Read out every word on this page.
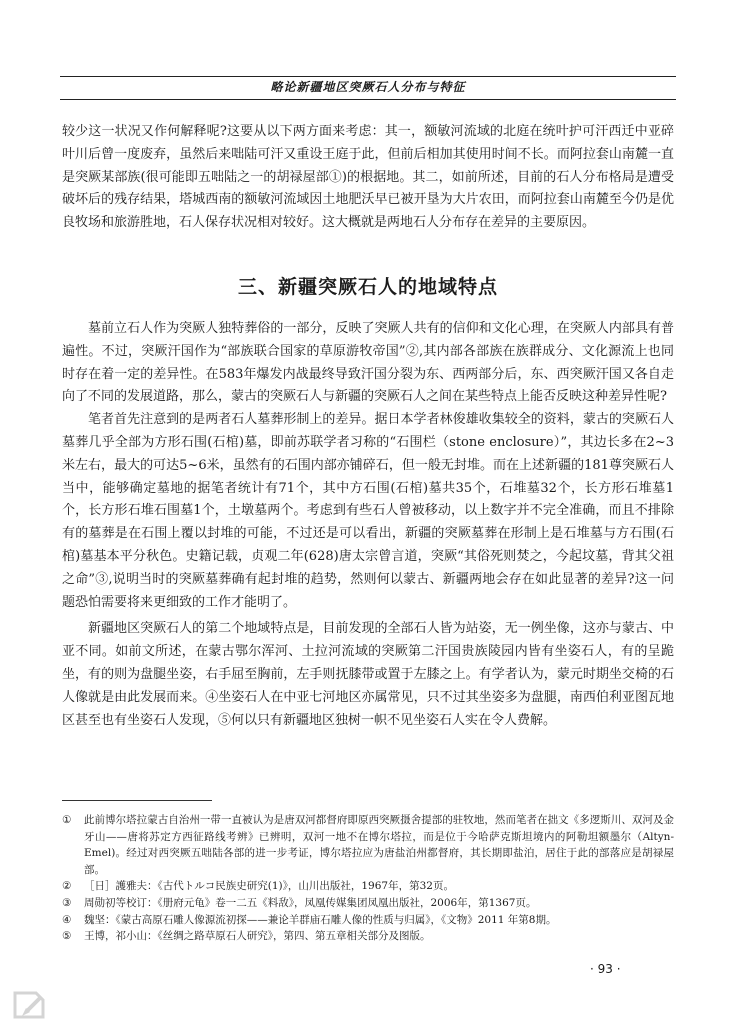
略论新疆地区突厥石人分布与特征

较少这一状况又作何解释呢?这要从以下两方面来考虑：其一，额敏河流域的北庭在统叶护可汗西迁中亚碎叶川后曾一度废弃，虽然后来咄陆可汗又重设王庭于此，但前后相加其使用时间不长。而阿拉套山南麓一直是突厥某部族(很可能即五咄陆之一的胡禄屋部①)的根据地。其二，如前所述，目前的石人分布格局是遭受破坏后的残存结果，塔城西南的额敏河流域因土地肥沃早已被开垦为大片农田，而阿拉套山南麓至今仍是优良牧场和旅游胜地，石人保存状况相对较好。这大概就是两地石人分布存在差异的主要原因。

三、新疆突厥石人的地域特点

墓前立石人作为突厥人独特葬俗的一部分，反映了突厥人共有的信仰和文化心理，在突厥人内部具有普遍性。不过，突厥汗国作为“部族联合国家的草原游牧帝国”②,其内部各部族在族群成分、文化源流上也同时存在着一定的差异性。在583年爆发内战最终导致汗国分裂为东、西两部分后，东、西突厥汗国又各自走向了不同的发展道路，那么，蒙古的突厥石人与新疆的突厥石人之间在某些特点上能否反映这种差异性呢?

笔者首先注意到的是两者石人墓葬形制上的差异。据日本学者林俊雄收集较全的资料，蒙古的突厥石人墓葬几乎全部为方形石围(石棺)墓，即前苏联学者习称的“石围栏（stone enclosure）”，其边长多在2~3米左右，最大的可达5~6米，虽然有的石围内部亦铺碎石，但一般无封堆。而在上述新疆的181尊突厥石人当中，能够确定墓地的据笔者统计有71个，其中方石围(石棺)墓共35个，石堆墓32个，长方形石堆墓1个，长方形石堆石围墓1个，土墩墓两个。考虑到有些石人曾被移动，以上数字并不完全准确，而且不排除有的墓葬是在石围上覆以封堆的可能，不过还是可以看出，新疆的突厥墓葬在形制上是石堆墓与方石围(石棺)墓基本平分秋色。史籍记载，贞观二年(628)唐太宗曾言道，突厥“其俗死则焚之，今起坟墓，背其父祖之命”③,说明当时的突厥墓葬确有起封堆的趋势，然则何以蒙古、新疆两地会存在如此显著的差异?这一问题恐怕需要将来更细致的工作才能明了。

新疆地区突厥石人的第二个地域特点是，目前发现的全部石人皆为站姿，无一例坐像，这亦与蒙古、中亚不同。如前文所述，在蒙古鄂尔浑河、土拉河流域的突厥第二汗国贵族陵园内皆有坐姿石人，有的呈跪坐，有的则为盘腿坐姿，右手屈至胸前，左手则抚膝带或置于左膝之上。有学者认为，蒙元时期坐交椅的石人像就是由此发展而来。④坐姿石人在中亚七河地区亦属常见，只不过其坐姿多为盘腿，南西伯利亚图瓦地区甚至也有坐姿石人发现，⑤何以只有新疆地区独树一帜不见坐姿石人实在令人费解。

①	此前博尔塔拉蒙古自治州一带一直被认为是唐双河都督府即原西突厥摄舍提部的驻牧地，然而笔者在拙文《多逻斯川、双河及金牙山——唐将苏定方西征路线考辨》已辨明，双河一地不在博尔塔拉，而是位于今哈萨克斯坦境内的阿勒坦额墨尔（Altyn-Emel)。经过对西突厥五咄陆各部的进一步考证，博尔塔拉应为唐盐泊州都督府，其长期即盐泊，居住于此的部落应是胡禄屋部。
②	［日］護雅夫：《古代トルコ民族史研究(1)》，山川出版社，1967年，第32页。
③	周勋初等校订：《册府元龟》卷一二五《料敌》，凤凰传媒集团凤凰出版社，2006年，第1367页。
④	魏坚：《蒙古高原石雕人像源流初探——兼论羊群庙石雕人像的性质与归属》，《文物》2011 年第8期。
⑤	王博，祁小山：《丝绸之路草原石人研究》，第四、第五章相关部分及图版。
· 93 ·
